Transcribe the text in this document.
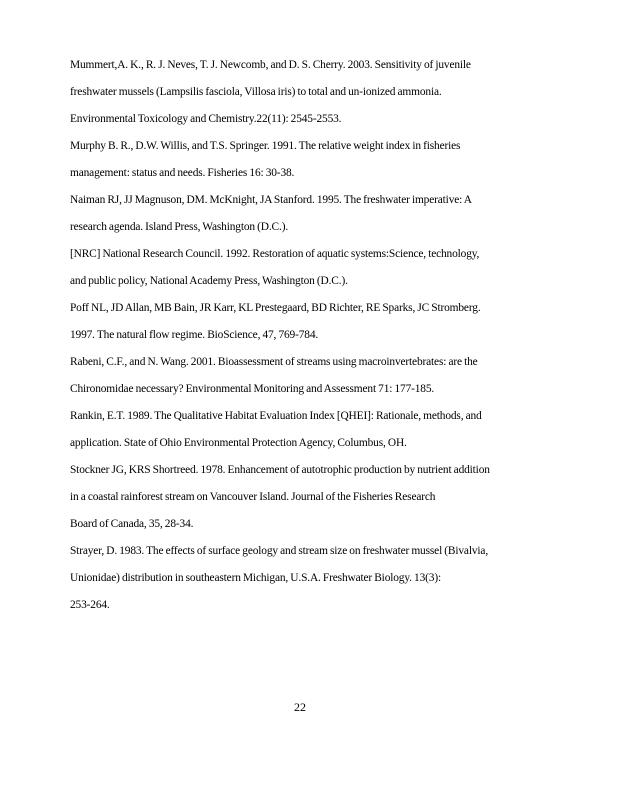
Mummert,A. K., R. J. Neves, T. J. Newcomb, and D. S. Cherry. 2003. Sensitivity of juvenile
freshwater mussels (Lampsilis fasciola, Villosa iris) to total and un-ionized ammonia.
Environmental Toxicology and Chemistry.22(11): 2545-2553.
Murphy B. R., D.W. Willis, and T.S. Springer. 1991. The relative weight index in fisheries
management: status and needs. Fisheries 16: 30-38.
Naiman RJ, JJ Magnuson, DM. McKnight, JA Stanford. 1995. The freshwater imperative: A
research agenda. Island Press, Washington (D.C.).
[NRC] National Research Council. 1992. Restoration of aquatic systems:Science, technology,
and public policy, National Academy Press, Washington (D.C.).
Poff NL, JD Allan, MB Bain, JR Karr, KL Prestegaard, BD Richter, RE Sparks, JC Stromberg.
1997. The natural flow regime. BioScience, 47, 769-784.
Rabeni, C.F., and N. Wang. 2001. Bioassessment of streams using macroinvertebrates: are the
Chironomidae necessary? Environmental Monitoring and Assessment 71: 177-185.
Rankin, E.T. 1989. The Qualitative Habitat Evaluation Index [QHEI]: Rationale, methods, and
application. State of Ohio Environmental Protection Agency, Columbus, OH.
Stockner JG, KRS Shortreed. 1978. Enhancement of autotrophic production by nutrient addition
in a coastal rainforest stream on Vancouver Island. Journal of the Fisheries Research
Board of Canada, 35, 28-34.
Strayer, D. 1983. The effects of surface geology and stream size on freshwater mussel (Bivalvia,
Unionidae) distribution in southeastern Michigan, U.S.A. Freshwater Biology. 13(3):
253-264.
22
